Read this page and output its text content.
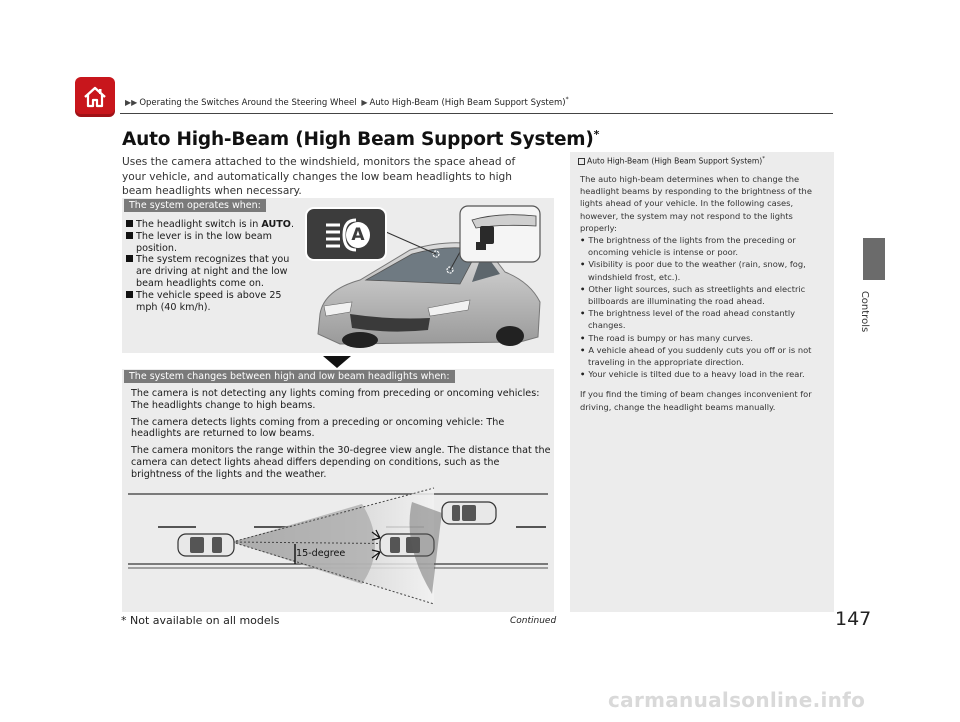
▶▶ Operating the Switches Around the Steering Wheel ▶ Auto High-Beam (High Beam Support System)*
Auto High-Beam (High Beam Support System)*
Uses the camera attached to the windshield, monitors the space ahead of your vehicle, and automatically changes the low beam headlights to high beam headlights when necessary.
The system operates when:
The headlight switch is in AUTO.
The lever is in the low beam position.
The system recognizes that you are driving at night and the low beam headlights come on.
The vehicle speed is above 25 mph (40 km/h).
A
The system changes between high and low beam headlights when:

The camera is not detecting any lights coming from preceding or oncoming vehicles: The headlights change to high beams.

The camera detects lights coming from a preceding or oncoming vehicle: The headlights are returned to low beams.

The camera monitors the range within the 30-degree view angle. The distance that the camera can detect lights ahead differs depending on conditions, such as the brightness of the lights and the weather.

15-degree
Auto High-Beam (High Beam Support System)*

The auto high-beam determines when to change the headlight beams by responding to the brightness of the lights ahead of your vehicle. In the following cases, however, the system may not respond to the lights properly:

• The brightness of the lights from the preceding or oncoming vehicle is intense or poor.
• Visibility is poor due to the weather (rain, snow, fog, windshield frost, etc.).
• Other light sources, such as streetlights and electric billboards are illuminating the road ahead.
• The brightness level of the road ahead constantly changes.
• The road is bumpy or has many curves.
• A vehicle ahead of you suddenly cuts you off or is not traveling in the appropriate direction.
• Your vehicle is tilted due to a heavy load in the rear.

If you find the timing of beam changes inconvenient for driving, change the headlight beams manually.

Controls
* Not available on all models	Continued	147
carmanualsonline.info
